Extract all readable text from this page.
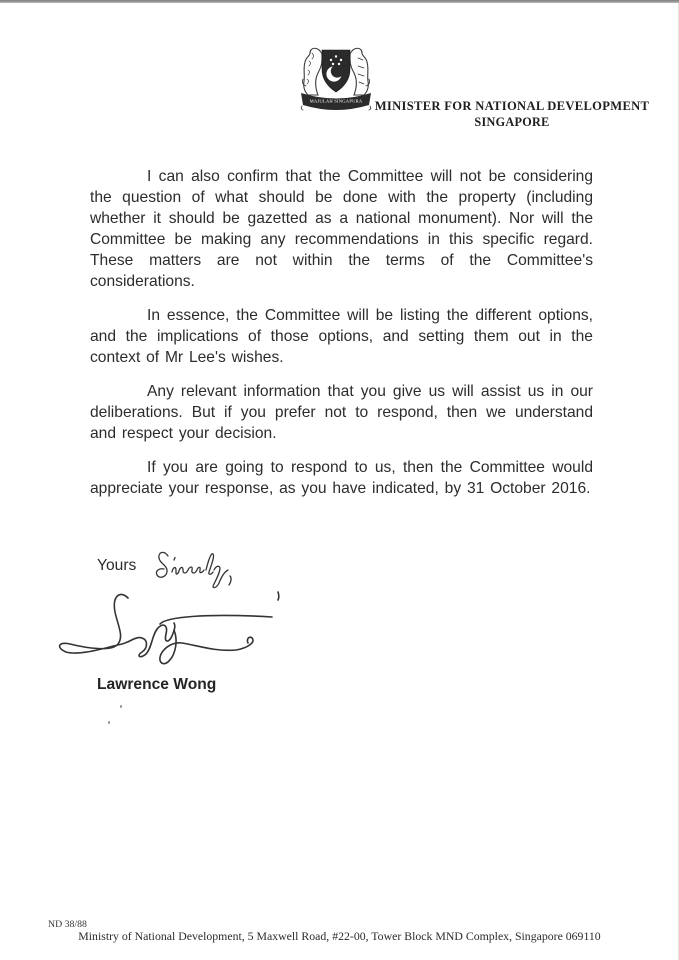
MAJULAH SINGAPURA MINISTER FOR NATIONAL DEVELOPMENT
SINGAPORE

I can also confirm that the Committee will not be considering the question of what should be done with the property (including whether it should be gazetted as a national monument). Nor will the Committee be making any recommendations in this specific regard. These matters are not within the terms of the Committee's considerations.

In essence, the Committee will be listing the different options, and the implications of those options, and setting them out in the context of Mr Lee's wishes.

Any relevant information that you give us will assist us in our deliberations. But if you prefer not to respond, then we understand and respect your decision.

If you are going to respond to us, then the Committee would appreciate your response, as you have indicated, by 31 October 2016.

Yours
Lawrence Wong
ND 38/88
Ministry of National Development, 5 Maxwell Road, #22-00, Tower Block MND Complex, Singapore 069110
